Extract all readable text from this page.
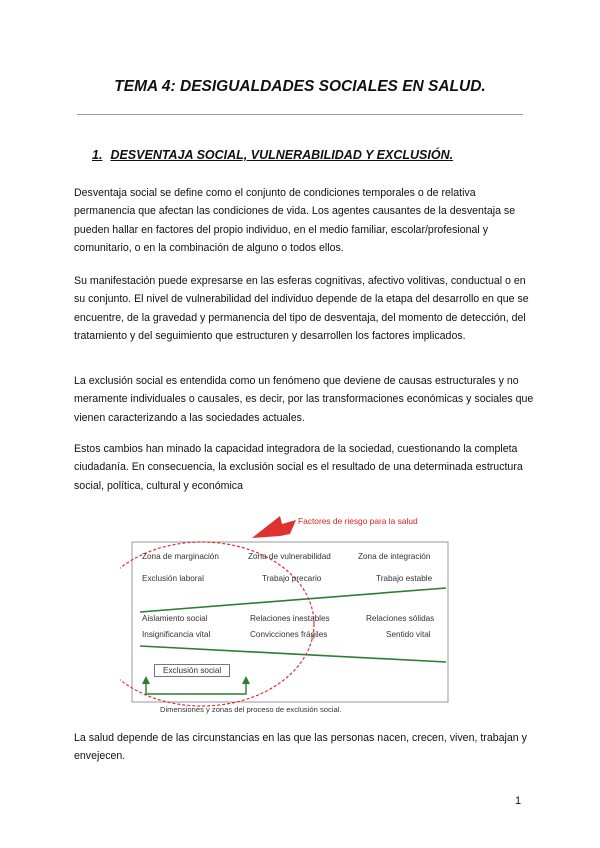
TEMA 4: DESIGUALDADES SOCIALES EN SALUD.
1. DESVENTAJA SOCIAL, VULNERABILIDAD Y EXCLUSIÓN.

Desventaja social se define como el conjunto de condiciones temporales o de relativa permanencia que afectan las condiciones de vida. Los agentes causantes de la desventaja se pueden hallar en factores del propio individuo, en el medio familiar, escolar/profesional y comunitario, o en la combinación de alguno o todos ellos.

Su manifestación puede expresarse en las esferas cognitivas, afectivo volitivas, conductual o en su conjunto. El nivel de vulnerabilidad del individuo depende de la etapa del desarrollo en que se encuentre, de la gravedad y permanencia del tipo de desventaja, del momento de detección, del tratamiento y del seguimiento que estructuren y desarrollen los factores implicados.

La exclusión social es entendida como un fenómeno que deviene de causas estructurales y no meramente individuales o causales, es decir, por las transformaciones económicas y sociales que vienen caracterizando a las sociedades actuales.

Estos cambios han minado la capacidad integradora de la sociedad, cuestionando la completa ciudadanía. En consecuencia, la exclusión social es el resultado de una determinada estructura social, política, cultural y económica

Factores de riesgo para la salud
Zona de marginación	Zona de vulnerabilidad	Zona de integración
Exclusión laboral	Trabajo precario	Trabajo estable
Aislamiento social	Relaciones inestables	Relaciones sólidas
Insignificancia vital	Convicciones frágiles	Sentido vital
Exclusión social
Dimensiones y zonas del proceso de exclusión social.

La salud depende de las circunstancias en las que las personas nacen, crecen, viven, trabajan y envejecen.

1
